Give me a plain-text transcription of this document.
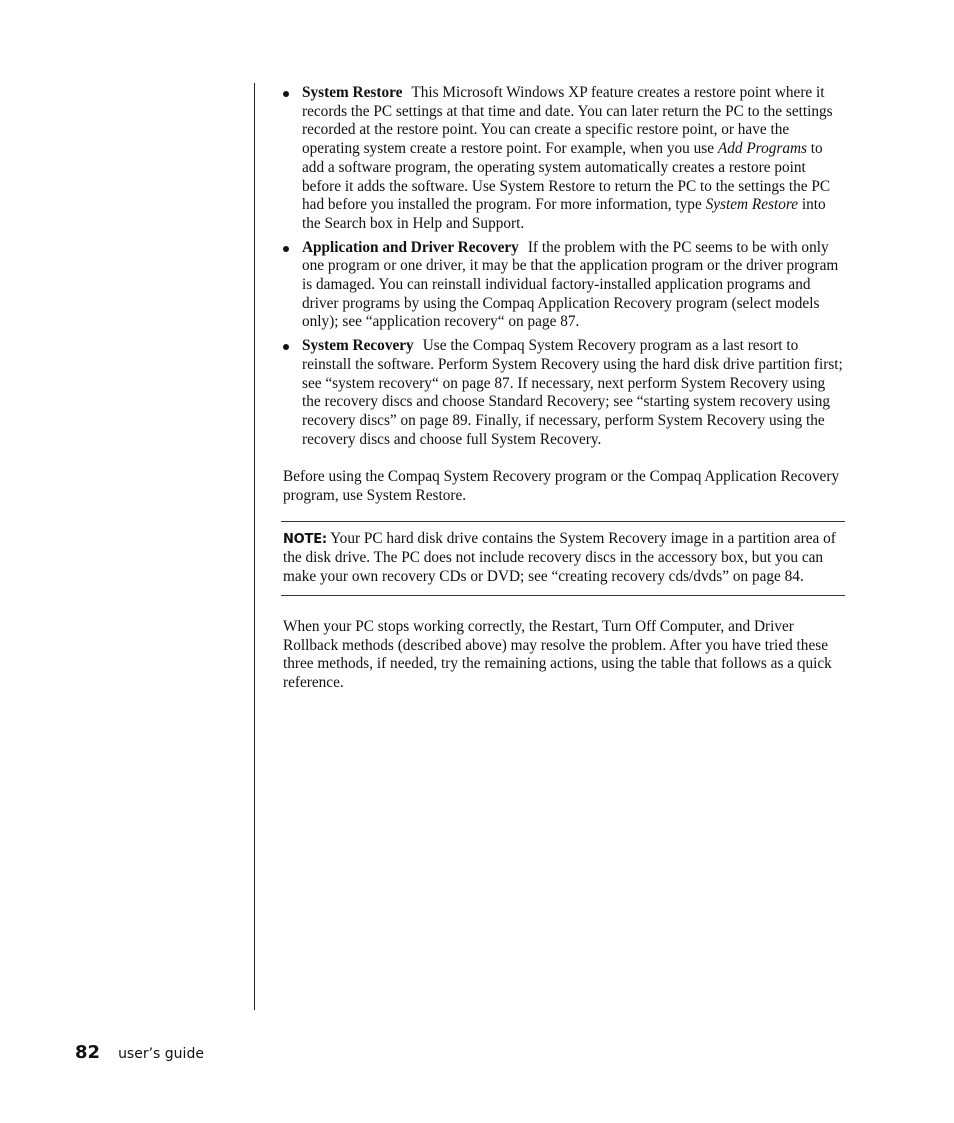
System Restore This Microsoft Windows XP feature creates a restore point where it records the PC settings at that time and date. You can later return the PC to the settings recorded at the restore point. You can create a specific restore point, or have the operating system create a restore point. For example, when you use Add Programs to add a software program, the operating system automatically creates a restore point before it adds the software. Use System Restore to return the PC to the settings the PC had before you installed the program. For more information, type System Restore into the Search box in Help and Support.
Application and Driver Recovery If the problem with the PC seems to be with only one program or one driver, it may be that the application program or the driver program is damaged. You can reinstall individual factory-installed application programs and driver programs by using the Compaq Application Recovery program (select models only); see “application recovery“ on page 87.
System Recovery Use the Compaq System Recovery program as a last resort to reinstall the software. Perform System Recovery using the hard disk drive partition first; see “system recovery“ on page 87. If necessary, next perform System Recovery using the recovery discs and choose Standard Recovery; see “starting system recovery using recovery discs” on page 89. Finally, if necessary, perform System Recovery using the recovery discs and choose full System Recovery.

Before using the Compaq System Recovery program or the Compaq Application Recovery program, use System Restore.

NOTE: Your PC hard disk drive contains the System Recovery image in a partition area of the disk drive. The PC does not include recovery discs in the accessory box, but you can make your own recovery CDs or DVD; see “creating recovery cds/dvds” on page 84.

When your PC stops working correctly, the Restart, Turn Off Computer, and Driver Rollback methods (described above) may resolve the problem. After you have tried these three methods, if needed, try the remaining actions, using the table that follows as a quick reference.

82 user’s guide
